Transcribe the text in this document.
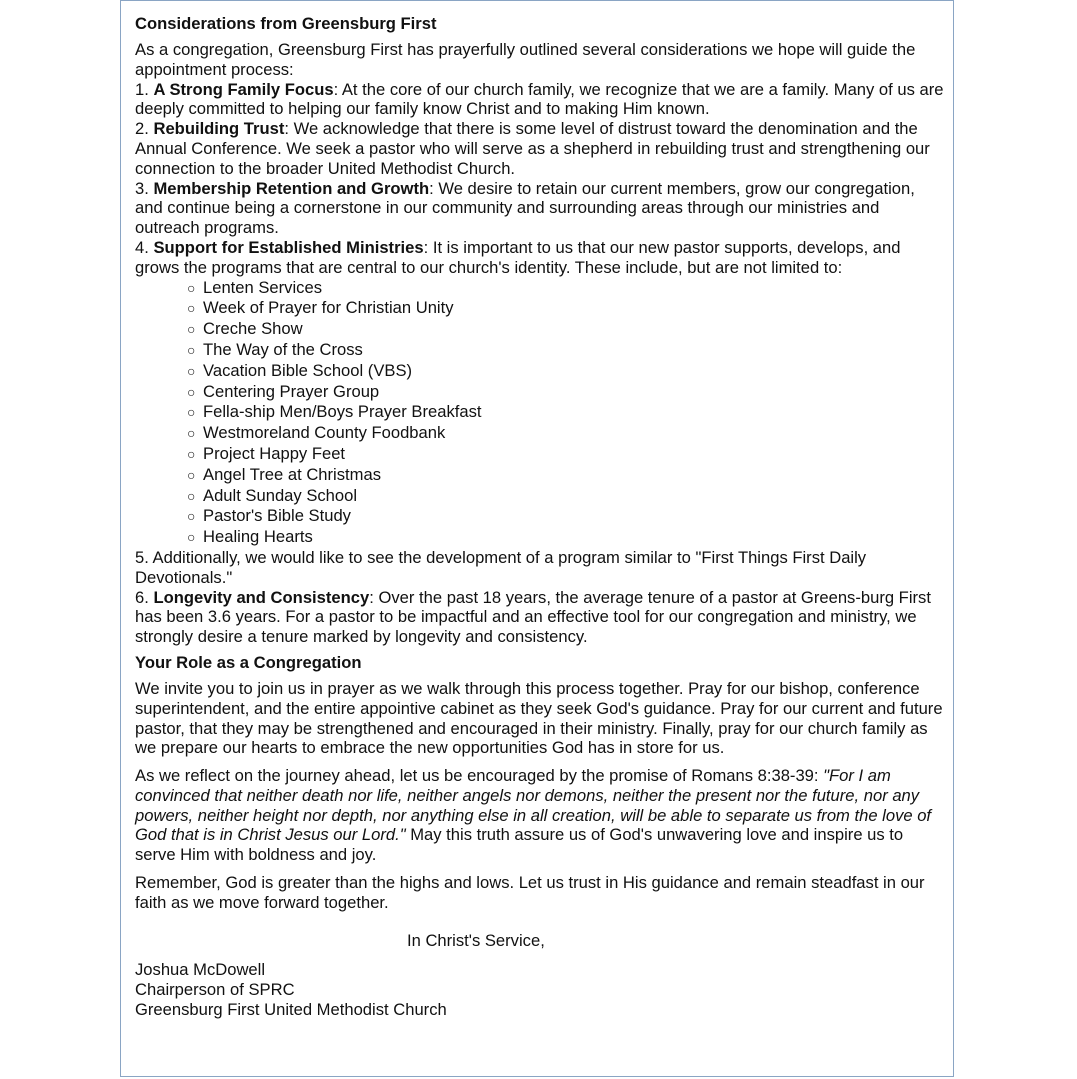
Considerations from Greensburg First

As a congregation, Greensburg First has prayerfully outlined several considerations we hope will guide the appointment process:

1. A Strong Family Focus: At the core of our church family, we recognize that we are a family. Many of us are deeply committed to helping our family know Christ and to making Him known.

2. Rebuilding Trust: We acknowledge that there is some level of distrust toward the denomination and the Annual Conference. We seek a pastor who will serve as a shepherd in rebuilding trust and strengthening our connection to the broader United Methodist Church.

3. Membership Retention and Growth: We desire to retain our current members, grow our congregation, and continue being a cornerstone in our community and surrounding areas through our ministries and outreach programs.

4. Support for Established Ministries: It is important to us that our new pastor supports, develops, and grows the programs that are central to our church's identity. These include, but are not limited to:

○ Lenten Services
○ Week of Prayer for Christian Unity
○ Creche Show
○ The Way of the Cross
○ Vacation Bible School (VBS)
○ Centering Prayer Group
○ Fella-ship Men/Boys Prayer Breakfast
○ Westmoreland County Foodbank
○ Project Happy Feet
○ Angel Tree at Christmas
○ Adult Sunday School
○ Pastor's Bible Study
○ Healing Hearts

5. Additionally, we would like to see the development of a program similar to "First Things First Daily Devotionals."

6. Longevity and Consistency: Over the past 18 years, the average tenure of a pastor at Greens-burg First has been 3.6 years. For a pastor to be impactful and an effective tool for our congregation and ministry, we strongly desire a tenure marked by longevity and consistency.

Your Role as a Congregation

We invite you to join us in prayer as we walk through this process together. Pray for our bishop, conference superintendent, and the entire appointive cabinet as they seek God's guidance. Pray for our current and future pastor, that they may be strengthened and encouraged in their ministry. Finally, pray for our church family as we prepare our hearts to embrace the new opportunities God has in store for us.

As we reflect on the journey ahead, let us be encouraged by the promise of Romans 8:38-39: "For I am convinced that neither death nor life, neither angels nor demons, neither the present nor the future, nor any powers, neither height nor depth, nor anything else in all creation, will be able to separate us from the love of God that is in Christ Jesus our Lord." May this truth assure us of God's unwavering love and inspire us to serve Him with boldness and joy.

Remember, God is greater than the highs and lows. Let us trust in His guidance and remain steadfast in our faith as we move forward together.

In Christ's Service,

Joshua McDowell

Chairperson of SPRC

Greensburg First United Methodist Church
